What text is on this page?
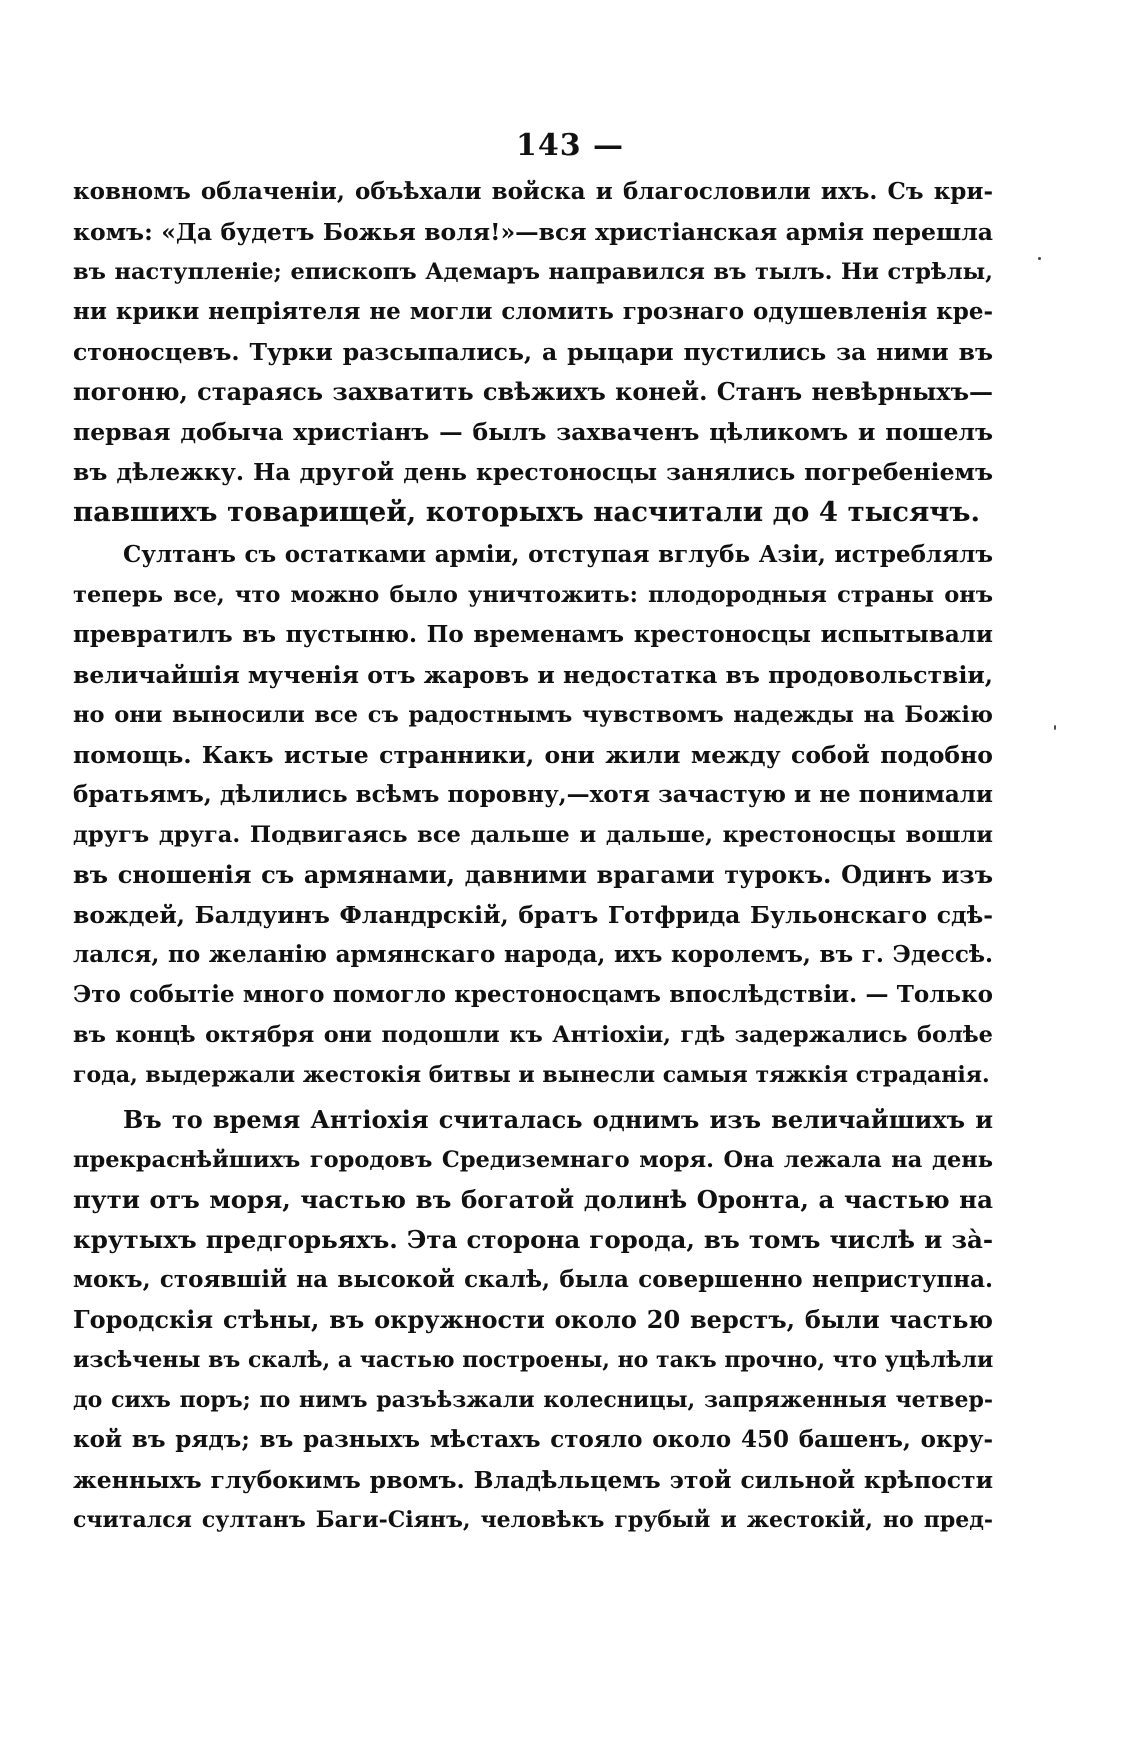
143 —
ковномъ облаченіи, объѣхали войска и благословили ихъ. Съ кри-
комъ: «Да будетъ Божья воля!»—вся христіанская армія перешла
въ наступленіе; епископъ Адемаръ направился въ тылъ. Ни стрѣлы,
ни крики непріятеля не могли сломить грознаго одушевленія кре-
стоносцевъ. Турки разсыпались, а рыцари пустились за ними въ
погоню, стараясь захватить свѣжихъ коней. Станъ невѣрныхъ—
первая добыча христіанъ — былъ захваченъ цѣликомъ и пошелъ
въ дѣлежку. На другой день крестоносцы занялись погребеніемъ
павшихъ товарищей, которыхъ насчитали до 4 тысячъ.
Султанъ съ остатками арміи, отступая вглубь Азіи, истреблялъ
теперь все, что можно было уничтожить: плодородныя страны онъ
превратилъ въ пустыню. По временамъ крестоносцы испытывали
величайшія мученія отъ жаровъ и недостатка въ продовольствіи,
но они выносили все съ радостнымъ чувствомъ надежды на Божію
помощь. Какъ истые странники, они жили между собой подобно
братьямъ, дѣлились всѣмъ поровну,—хотя зачастую и не понимали
другъ друга. Подвигаясь все дальше и дальше, крестоносцы вошли
въ сношенія съ армянами, давними врагами турокъ. Одинъ изъ
вождей, Балдуинъ Фландрскій, братъ Готфрида Бульонскаго сдѣ-
лался, по желанію армянскаго народа, ихъ королемъ, въ г. Эдессѣ.
Это событіе много помогло крестоносцамъ впослѣдствіи. — Только
въ концѣ октября они подошли къ Антіохіи, гдѣ задержались болѣе
года, выдержали жестокія битвы и вынесли самыя тяжкія страданія.
Въ то время Антіохія считалась однимъ изъ величайшихъ и
прекраснѣйшихъ городовъ Средиземнаго моря. Она лежала на день
пути отъ моря, частью въ богатой долинѣ Оронта, а частью на
крутыхъ предгорьяхъ. Эта сторона города, въ томъ числѣ и зà-
мокъ, стоявшій на высокой скалѣ, была совершенно неприступна.
Городскія стѣны, въ окружности около 20 верстъ, были частью
изсѣчены въ скалѣ, а частью построены, но такъ прочно, что уцѣлѣли
до сихъ поръ; по нимъ разъѣзжали колесницы, запряженныя четвер-
кой въ рядъ; въ разныхъ мѣстахъ стояло около 450 башенъ, окру-
женныхъ глубокимъ рвомъ. Владѣльцемъ этой сильной крѣпости
считался султанъ Баги-Сіянъ, человѣкъ грубый и жестокій, но пред-
